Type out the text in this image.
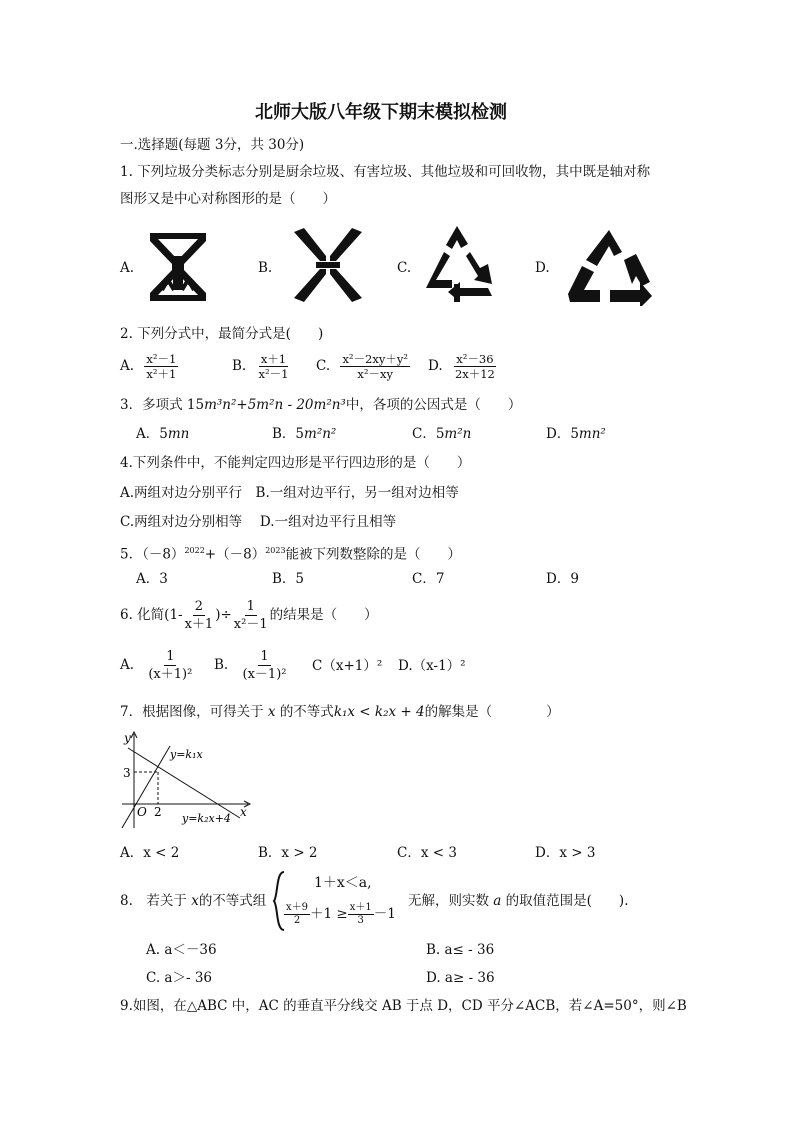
北师大版八年级下期末模拟检测
一.选择题(每题 3分，共 30分)
1. 下列垃圾分类标志分别是厨余垃圾、有害垃圾、其他垃圾和可回收物，其中既是轴对称
图形又是中心对称图形的是（　　）
A.	B.	C.	D.
2. 下列分式中，最简分式是(　　)
A. $\frac{\text{x²－1}}{\text{x²＋1}}$	B. $\frac{x+1}{\text{x²－1}} C$. $\frac{\text{x²－2xy＋y²}}{\text{x²－xy}} D$. $\frac{\text{x²－36}}{2x+12}$
3．多项式 15m³n²+5m²n - 20m²n³中，各项的公因式是（　　）
A．5mn	B．5m²n²	C．5m²n	D．5mn²
4.下列条件中，不能判定四边形是平行四边形的是（　　）
A.两组对边分别平行　B.一组对边平行，另一组对边相等
C.两组对边分别相等　 D.一组对边平行且相等
5．$(-8)^{2022}+(-8)^{2023}$能被下列数整除的是（　　）
A．3	B．5	C．7	D．9
6. 化简($1- \frac{2}{x+1}$ )÷ $\frac{1}{\text{x²－1}}$ 的结果是（　　）
A. $\frac{1}{\text{(x＋1)²}} B$. $\frac{1}{\text{(x－1)²}} C(x+1)^2$ D.（x-1）²
7．根据图像，可得关于 x 的不等式k₁x < k₂x + 4的解集是（　　　　）
y
x
O 2
3
y=k₁x
y=k₂x+4
A．x < 2	B．x > 2	C．x < 3	D．x > 3
8.　若关于 x的不等式组
1＋x＜a,
$\frac{x+9}{2} +1 \ge \frac{x+1}{3} -1$
无解，则实数 a 的取值范围是(　　).
A. a＜－36	B. a≤ - 36
C. a＞- 36	D. a≥ - 36
9.如图，在△ABC 中，AC 的垂直平分线交 AB 于点 D，CD 平分∠ACB，若∠A=50°，则∠B
